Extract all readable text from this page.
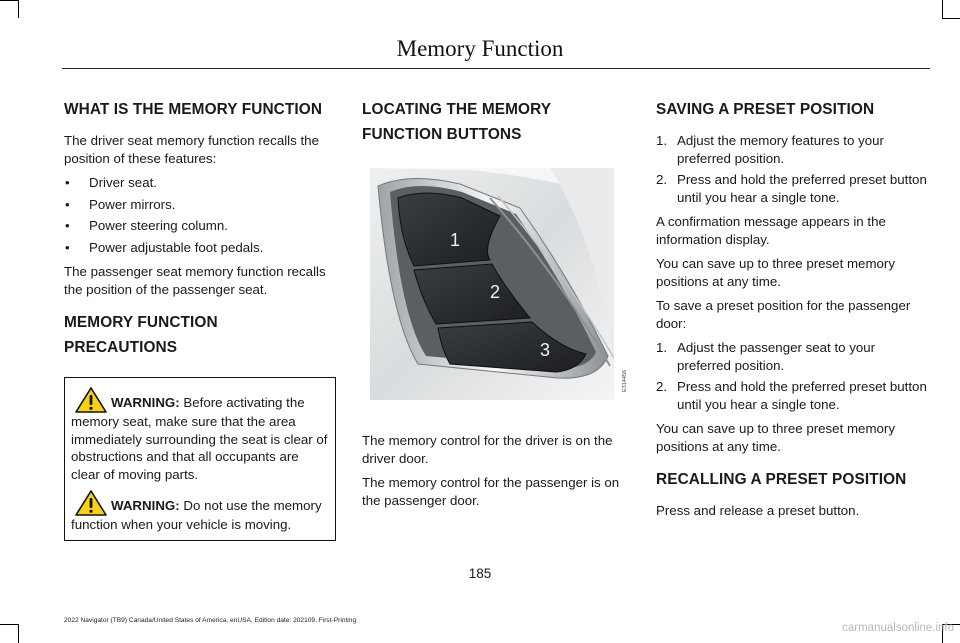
Memory Function
WHAT IS THE MEMORY FUNCTION

The driver seat memory function recalls the position of these features:

• Driver seat.
• Power mirrors.
• Power steering column.
• Power adjustable foot pedals.

The passenger seat memory function recalls the position of the passenger seat.

MEMORY FUNCTION
PRECAUTIONS

WARNING: Before activating the memory seat, make sure that the area immediately surrounding the seat is clear of obstructions and that all occupants are clear of moving parts.

WARNING: Do not use the memory function when your vehicle is moving.

LOCATING THE MEMORY
FUNCTION BUTTONS
1
2
3
E314456

The memory control for the driver is on the driver door.

The memory control for the passenger is on the passenger door.

SAVING A PRESET POSITION
1. Adjust the memory features to your preferred position.
2. Press and hold the preferred preset button until you hear a single tone.

A confirmation message appears in the information display.

You can save up to three preset memory positions at any time.

To save a preset position for the passenger door:

1. Adjust the passenger seat to your preferred position.
2. Press and hold the preferred preset button until you hear a single tone.

You can save up to three preset memory positions at any time.

RECALLING A PRESET POSITION

Press and release a preset button.

185
2022 Navigator (TB9) Canada/United States of America, enUSA, Edition date: 202109, First-Printing
carmanualsonline.info
